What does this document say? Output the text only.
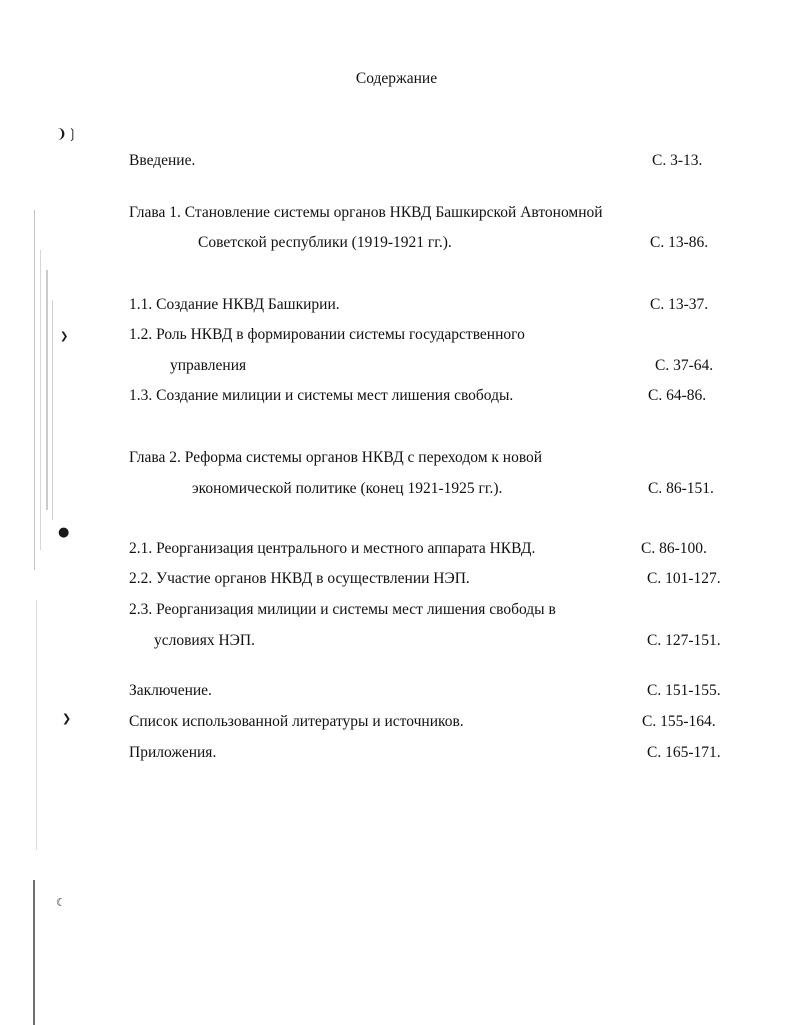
❩❳
❯
●
❯
☾
Содержание
Введение.	С. 3-13.
Глава 1. Становление системы органов НКВД Башкирской Автономной
Советской республики (1919-1921 гг.).	С. 13-86.
1.1. Создание НКВД Башкирии.	С. 13-37.
1.2. Роль НКВД в формировании системы государственного
управления	С. 37-64.
1.3. Создание милиции и системы мест лишения свободы.	С. 64-86.
Глава 2. Реформа системы органов НКВД с переходом к новой
экономической политике (конец 1921-1925 гг.).	С. 86-151.
2.1. Реорганизация центрального и местного аппарата НКВД.	С. 86-100.
2.2. Участие органов НКВД в осуществлении НЭП.	С. 101-127.
2.3. Реорганизация милиции и системы мест лишения свободы в
условиях НЭП.	С. 127-151.
Заключение.	С. 151-155.
Список использованной литературы и источников.	С. 155-164.
Приложения.	С. 165-171.
